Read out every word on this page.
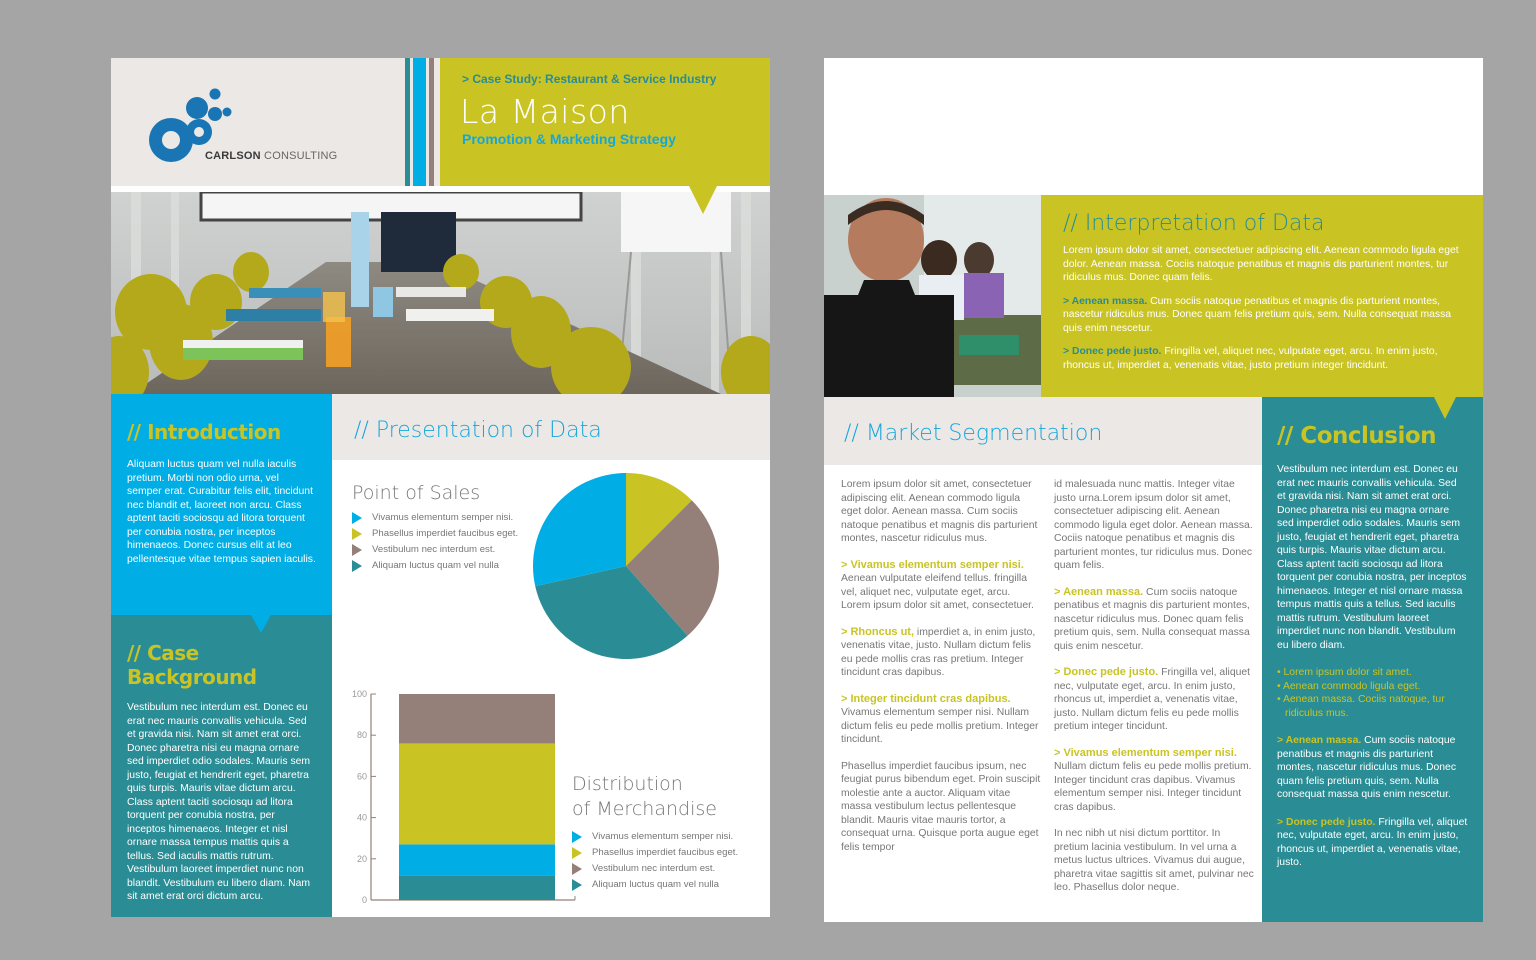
CARLSON CONSULTING
> Case Study: Restaurant & Service Industry
La Maison
Promotion & Marketing Strategy
// Introduction
Aliquam luctus quam vel nulla iaculis pretium. Morbi non odio urna, vel semper erat. Curabitur felis elit, tincidunt nec blandit et, laoreet non arcu. Class aptent taciti sociosqu ad litora torquent per conubia nostra, per inceptos himenaeos. Donec cursus elit at leo pellentesque vitae tempus sapien iaculis.
// Case Background
Vestibulum nec interdum est. Donec eu erat nec mauris convallis vehicula. Sed et gravida nisi. Nam sit amet erat orci. Donec pharetra nisi eu magna ornare sed imperdiet odio sodales. Mauris sem justo, feugiat et hendrerit eget, pharetra quis turpis. Mauris vitae dictum arcu. Class aptent taciti sociosqu ad litora torquent per conubia nostra, per inceptos himenaeos. Integer et nisl ornare massa tempus mattis quis a tellus. Sed iaculis mattis rutrum. Vestibulum laoreet imperdiet nunc non blandit. Vestibulum eu libero diam. Nam sit amet erat orci dictum arcu.
// Presentation of Data
Point of Sales
Vivamus elementum semper nisi.
Phasellus imperdiet faucibus eget.
Vestibulum nec interdum est.
Aliquam luctus quam vel nulla
0
20
40
60
80
100
Distribution
of Merchandise
Vivamus elementum semper nisi.
Phasellus imperdiet faucibus eget.
Vestibulum nec interdum est.
Aliquam luctus quam vel nulla
// Interpretation of Data

Lorem ipsum dolor sit amet, consectetuer adipiscing elit. Aenean commodo ligula eget dolor. Aenean massa. Cociis natoque penatibus et magnis dis parturient montes, tur ridiculus mus. Donec quam felis.

> Aenean massa. Cum sociis natoque penatibus et magnis dis parturient montes, nascetur ridiculus mus. Donec quam felis pretium quis, sem. Nulla consequat massa quis enim nescetur.

> Donec pede justo. Fringilla vel, aliquet nec, vulputate eget, arcu. In enim justo, rhoncus ut, imperdiet a, venenatis vitae, justo pretium integer tincidunt.

// Market Segmentation

Lorem ipsum dolor sit amet, consectetuer adipiscing elit. Aenean commodo ligula eget dolor. Aenean massa. Cum sociis natoque penatibus et magnis dis parturient montes, nascetur ridiculus mus.

> Vivamus elementum semper nisi. Aenean vulputate eleifend tellus. fringilla vel, aliquet nec, vulputate eget, arcu. Lorem ipsum dolor sit amet, consectetuer.

> Rhoncus ut, imperdiet a, in enim justo, venenatis vitae, justo. Nullam dictum felis eu pede mollis cras ras pretium. Integer tincidunt cras dapibus.

> Integer tincidunt cras dapibus. Vivamus elementum semper nisi. Nullam dictum felis eu pede mollis pretium. Integer tincidunt.

Phasellus imperdiet faucibus ipsum, nec feugiat purus bibendum eget. Proin suscipit molestie ante a auctor. Aliquam vitae massa vestibulum lectus pellentesque blandit. Mauris vitae mauris tortor, a consequat urna. Quisque porta augue eget felis tempor

id malesuada nunc mattis. Integer vitae justo urna.Lorem ipsum dolor sit amet, consectetuer adipiscing elit. Aenean commodo ligula eget dolor. Aenean massa. Cociis natoque penatibus et magnis dis parturient montes, tur ridiculus mus. Donec quam felis.

> Aenean massa. Cum sociis natoque penatibus et magnis dis parturient montes, nascetur ridiculus mus. Donec quam felis pretium quis, sem. Nulla consequat massa quis enim nescetur.

> Donec pede justo. Fringilla vel, aliquet nec, vulputate eget, arcu. In enim justo, rhoncus ut, imperdiet a, venenatis vitae, justo. Nullam dictum felis eu pede mollis pretium integer tincidunt.

> Vivamus elementum semper nisi. Nullam dictum felis eu pede mollis pretium. Integer tincidunt cras dapibus. Vivamus elementum semper nisi. Integer tincidunt cras dapibus.

In nec nibh ut nisi dictum porttitor. In pretium lacinia vestibulum. In vel urna a metus luctus ultrices. Vivamus dui augue, pharetra vitae sagittis sit amet, pulvinar nec leo. Phasellus dolor neque.

// Conclusion

Vestibulum nec interdum est. Donec eu erat nec mauris convallis vehicula. Sed et gravida nisi. Nam sit amet erat orci. Donec pharetra nisi eu magna ornare sed imperdiet odio sodales. Mauris sem justo, feugiat et hendrerit eget, pharetra quis turpis. Mauris vitae dictum arcu. Class aptent taciti sociosqu ad litora torquent per conubia nostra, per inceptos himenaeos. Integer et nisl ornare massa tempus mattis quis a tellus. Sed iaculis mattis rutrum. Vestibulum laoreet imperdiet nunc non blandit. Vestibulum eu libero diam.

• Lorem ipsum dolor sit amet.
• Aenean commodo ligula eget.
• Aenean massa. Cociis natoque, tur ridiculus mus.

> Aenean massa. Cum sociis natoque penatibus et magnis dis parturient montes, nascetur ridiculus mus. Donec quam felis pretium quis, sem. Nulla consequat massa quis enim nescetur.

> Donec pede justo. Fringilla vel, aliquet nec, vulputate eget, arcu. In enim justo, rhoncus ut, imperdiet a, venenatis vitae, justo.
